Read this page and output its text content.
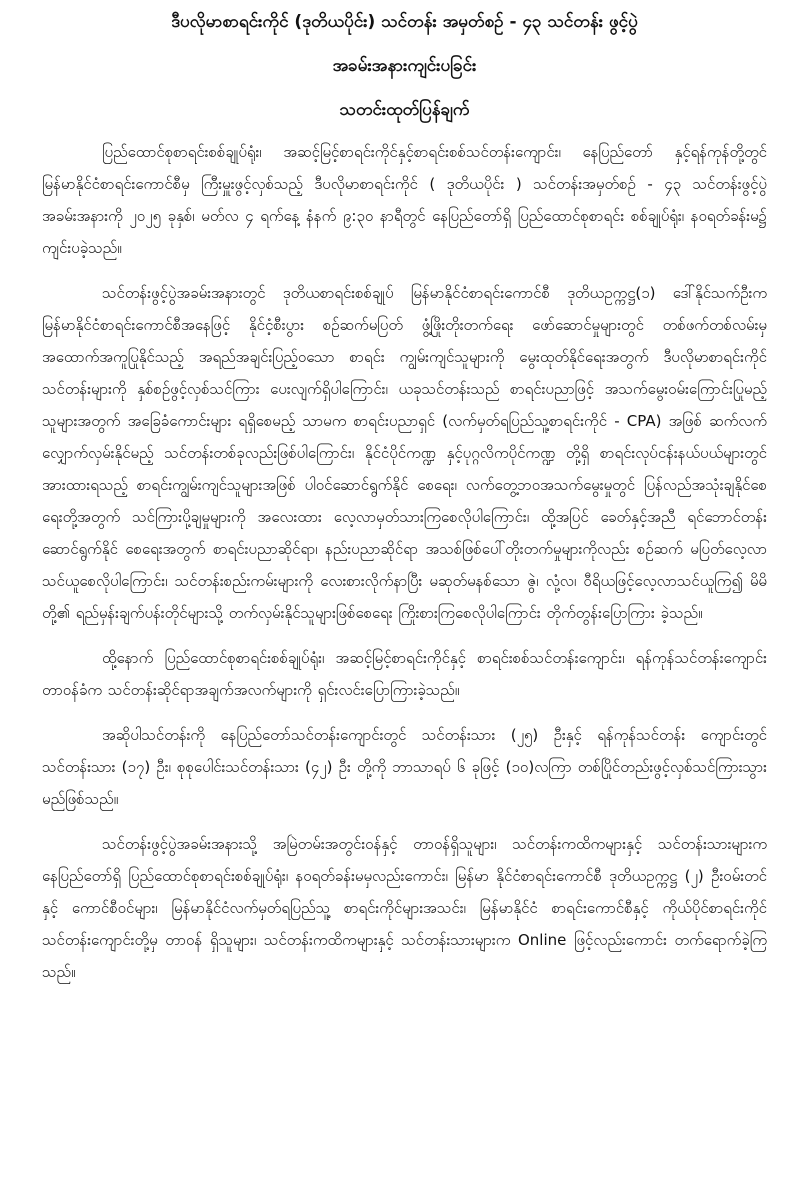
ဒီပလိုမာစာရင်းကိုင် (ဒုတိယပိုင်း) သင်တန်း အမှတ်စဉ် - ၄၃ သင်တန်း ဖွင့်ပွဲ

အခမ်းအနားကျင်းပခြင်း

သတင်းထုတ်ပြန်ချက်

ပြည်ထောင်စုစာရင်းစစ်ချုပ်ရုံး၊ အဆင့်မြင့်စာရင်းကိုင်နှင့်စာရင်းစစ်သင်တန်းကျောင်း၊ နေပြည်တော် နှင့်ရန်ကုန်တို့တွင် မြန်မာနိုင်ငံစာရင်းကောင်စီမှ ကြီးမှူးဖွင့်လှစ်သည့် ဒီပလိုမာစာရင်းကိုင် ( ဒုတိယပိုင်း ) သင်တန်းအမှတ်စဉ် - ၄၃ သင်တန်းဖွင့်ပွဲ အခမ်းအနားကို ၂၀၂၅ ခုနှစ်၊ မတ်လ ၄ ရက်နေ့ နံနက် ၉:၃၀ နာရီတွင် နေပြည်တော်ရှိ ပြည်ထောင်စုစာရင်း စစ်ချုပ်ရုံး၊ နဝရတ်ခန်းမ၌ ကျင်းပခဲ့သည်။

သင်တန်းဖွင့်ပွဲအခမ်းအနားတွင် ဒုတိယစာရင်းစစ်ချုပ် မြန်မာနိုင်ငံစာရင်းကောင်စီ ဒုတိယဥက္ကဋ္ဌ(၁) ဒေါ်နိုင်သက်ဦးက မြန်မာနိုင်ငံစာရင်းကောင်စီအနေဖြင့် နိုင်ငံ့စီးပွား စဉ်ဆက်မပြတ် ဖွံ့ဖြိုးတိုးတက်ရေး ဖော်ဆောင်မှုများတွင် တစ်ဖက်တစ်လမ်းမှ အထောက်အကူပြုနိုင်သည့် အရည်အချင်းပြည့်ဝသော စာရင်း ကျွမ်းကျင်သူများကို မွေးထုတ်နိုင်ရေးအတွက် ဒီပလိုမာစာရင်းကိုင်သင်တန်းများကို နှစ်စဉ်ဖွင့်လှစ်သင်ကြား ပေးလျက်ရှိပါကြောင်း၊ ယခုသင်တန်းသည် စာရင်းပညာဖြင့် အသက်မွေးဝမ်းကြောင်းပြုမည့်သူများအတွက် အခြေခံကောင်းများ ရရှိစေမည့် သာမက စာရင်းပညာရှင် (လက်မှတ်ရပြည်သူ့စာရင်းကိုင် - CPA) အဖြစ် ဆက်လက်လျှောက်လှမ်းနိုင်မည့် သင်တန်းတစ်ခုလည်းဖြစ်ပါကြောင်း၊ နိုင်ငံပိုင်ကဏ္ဍ နှင့်ပုဂ္ဂလိကပိုင်ကဏ္ဍ တို့ရှိ စာရင်းလုပ်ငန်းနယ်ပယ်များတွင်အားထားရသည့် စာရင်းကျွမ်းကျင်သူများအဖြစ် ပါဝင်ဆောင်ရွက်နိုင် စေရေး၊ လက်တွေ့ဘဝအသက်မွေးမှုတွင် ပြန်လည်အသုံးချနိုင်စေရေးတို့အတွက် သင်ကြားပို့ချမှုများကို အလေးထား လေ့လာမှတ်သားကြစေလိုပါကြောင်း၊ ထို့အပြင် ခေတ်နှင့်အညီ ရင်ဘောင်တန်း ဆောင်ရွက်နိုင် စေရေးအတွက် စာရင်းပညာဆိုင်ရာ၊ နည်းပညာဆိုင်ရာ အသစ်ဖြစ်ပေါ်တိုးတက်မှုများကိုလည်း စဉ်ဆက် မပြတ်လေ့လာသင်ယူစေလိုပါကြောင်း၊ သင်တန်းစည်းကမ်းများကို လေးစားလိုက်နာပြီး မဆုတ်မနစ်သော ဇွဲ၊ လုံ့လ၊ ဝီရိယဖြင့်လေ့လာသင်ယူကြ၍ မိမိတို့၏ ရည်မှန်းချက်ပန်းတိုင်များသို့ တက်လှမ်းနိုင်သူများဖြစ်စေရေး ကြိုးစားကြစေလိုပါကြောင်း တိုက်တွန်းပြောကြား ခဲ့သည်။

ထို့နောက် ပြည်ထောင်စုစာရင်းစစ်ချုပ်ရုံး၊ အဆင့်မြင့်စာရင်းကိုင်နှင့် စာရင်းစစ်သင်တန်းကျောင်း၊ ရန်ကုန်သင်တန်းကျောင်း တာဝန်ခံက သင်တန်းဆိုင်ရာအချက်အလက်များကို ရှင်းလင်းပြောကြားခဲ့သည်။

အဆိုပါသင်တန်းကို နေပြည်တော်သင်တန်းကျောင်းတွင် သင်တန်းသား (၂၅) ဦးနှင့် ရန်ကုန်သင်တန်း ကျောင်းတွင် သင်တန်းသား (၁၇) ဦး၊ စုစုပေါင်းသင်တန်းသား (၄၂) ဦး တို့ကို ဘာသာရပ် ၆ ခုဖြင့် (၁၀)လကြာ တစ်ပြိုင်တည်းဖွင့်လှစ်သင်ကြားသွားမည်ဖြစ်သည်။

သင်တန်းဖွင့်ပွဲအခမ်းအနားသို့ အမြဲတမ်းအတွင်းဝန်နှင့် တာဝန်ရှိသူများ၊ သင်တန်းကထိကများနှင့် သင်တန်းသားများက နေပြည်တော်ရှိ ပြည်ထောင်စုစာရင်းစစ်ချုပ်ရုံး၊ နဝရတ်ခန်းမမှလည်းကောင်း၊ မြန်မာ နိုင်ငံစာရင်းကောင်စီ ဒုတိယဥက္ကဋ္ဌ (၂) ဦးဝမ်းတင်နှင့် ကောင်စီဝင်များ၊ မြန်မာနိုင်ငံလက်မှတ်ရပြည်သူ့ စာရင်းကိုင်များအသင်း၊ မြန်မာနိုင်ငံ စာရင်းကောင်စီနှင့် ကိုယ်ပိုင်စာရင်းကိုင်သင်တန်းကျောင်းတို့မှ တာဝန် ရှိသူများ၊ သင်တန်းကထိကများနှင့် သင်တန်းသားများက Online ဖြင့်လည်းကောင်း တက်ရောက်ခဲ့ကြသည်။
